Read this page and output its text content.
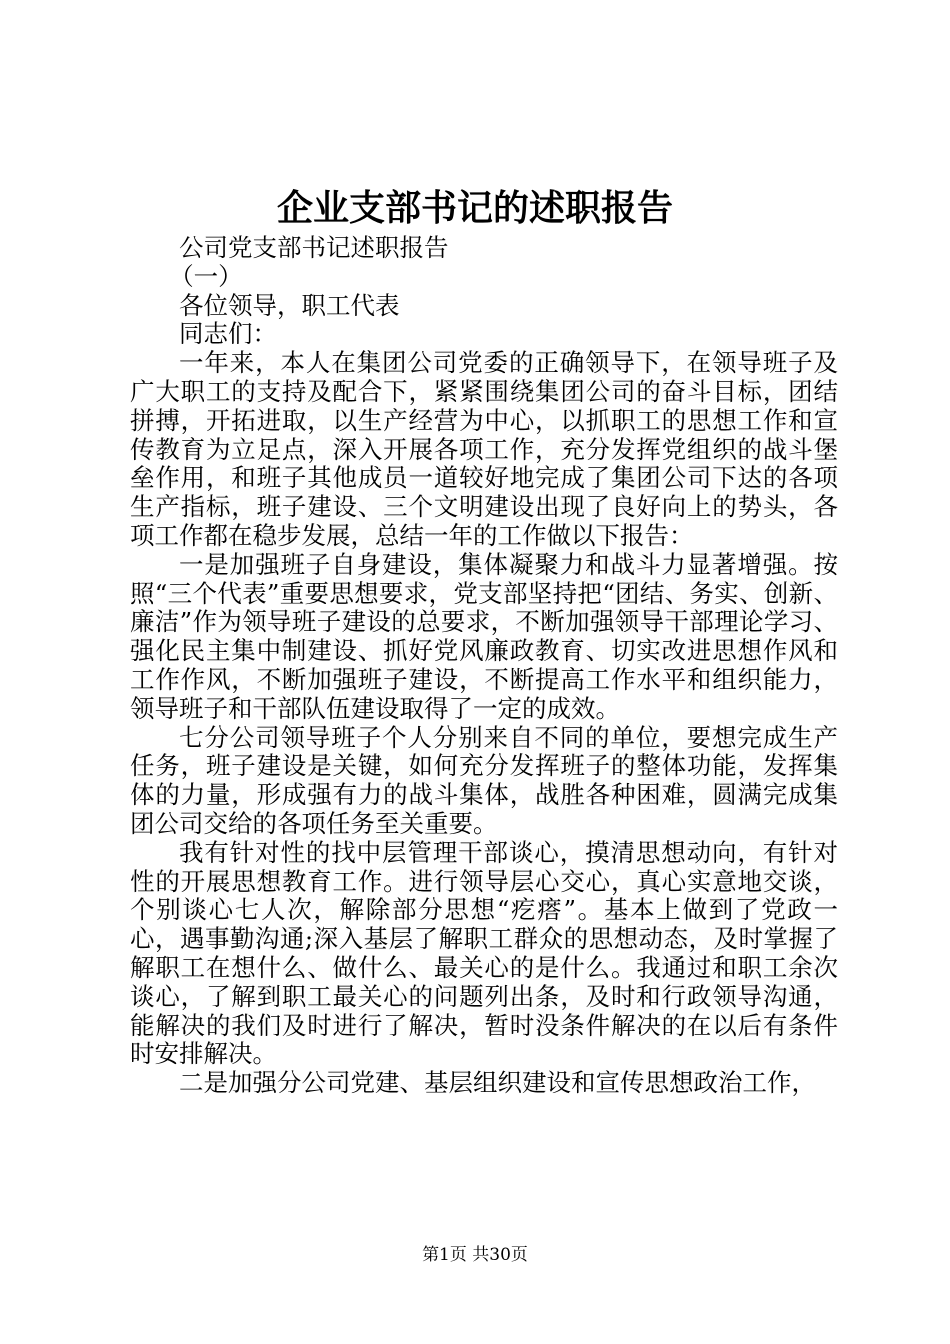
企业支部书记的述职报告

公司党支部书记述职报告

（一）

各位领导，职工代表

同志们：

一年来，本人在集团公司党委的正确领导下，在领导班子及广大职工的支持及配合下，紧紧围绕集团公司的奋斗目标，团结拼搏，开拓进取，以生产经营为中心，以抓职工的思想工作和宣传教育为立足点，深入开展各项工作，充分发挥党组织的战斗堡垒作用，和班子其他成员一道较好地完成了集团公司下达的各项生产指标，班子建设、三个文明建设出现了良好向上的势头，各项工作都在稳步发展，总结一年的工作做以下报告：

一是加强班子自身建设，集体凝聚力和战斗力显著增强。按照“三个代表”重要思想要求，党支部坚持把“团结、务实、创新、廉洁”作为领导班子建设的总要求，不断加强领导干部理论学习、强化民主集中制建设、抓好党风廉政教育、切实改进思想作风和工作作风，不断加强班子建设，不断提高工作水平和组织能力，领导班子和干部队伍建设取得了一定的成效。

七分公司领导班子个人分别来自不同的单位，要想完成生产任务，班子建设是关键，如何充分发挥班子的整体功能，发挥集体的力量，形成强有力的战斗集体，战胜各种困难，圆满完成集团公司交给的各项任务至关重要。

我有针对性的找中层管理干部谈心，摸清思想动向，有针对性的开展思想教育工作。进行领导层心交心，真心实意地交谈，个别谈心七人次，解除部分思想“疙瘩”。基本上做到了党政一心，遇事勤沟通;深入基层了解职工群众的思想动态，及时掌握了解职工在想什么、做什么、最关心的是什么。我通过和职工余次谈心，了解到职工最关心的问题列出条，及时和行政领导沟通，能解决的我们及时进行了解决，暂时没条件解决的在以后有条件时安排解决。

二是加强分公司党建、基层组织建设和宣传思想政治工作，

第1页 共30页
